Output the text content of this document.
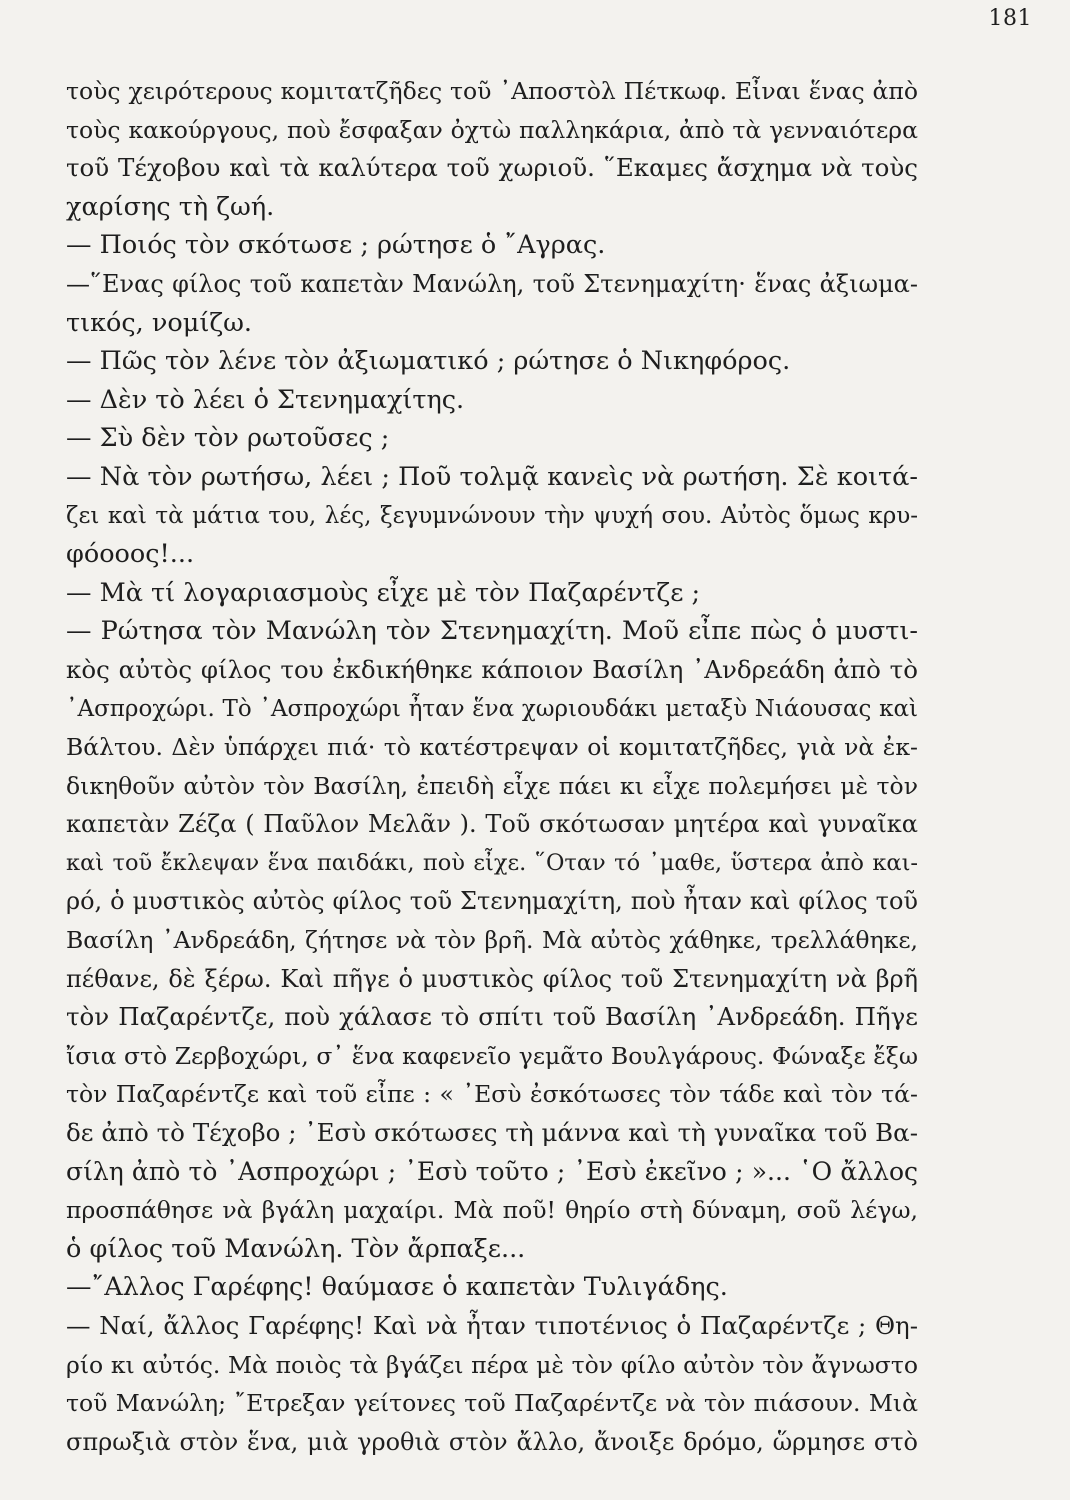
181
τοὺς χειρότερους κομιτατζῆδες τοῦ ᾽Αποστὸλ Πέτκωφ. Εἶναι ἕνας ἀπὸ
τοὺς κακούργους, ποὺ ἔσφαξαν ὀχτὼ παλληκάρια, ἀπὸ τὰ γενναιότερα
τοῦ Τέχοβου καὶ τὰ καλύτερα τοῦ χωριοῦ. ῞Εκαμες ἄσχημα νὰ τοὺς
χαρίσης τὴ ζωή.
— Ποιός τὸν σκότωσε ; ρώτησε ὁ ῎Αγρας.
—῞Ενας φίλος τοῦ καπετὰν Μανώλη, τοῦ Στενημαχίτη· ἕνας ἀξιωμα-
τικός, νομίζω.
— Πῶς τὸν λένε τὸν ἀξιωματικό ; ρώτησε ὁ Νικηφόρος.
— Δὲν τὸ λέει ὁ Στενημαχίτης.
— Σὺ δὲν τὸν ρωτοῦσες ;
— Νὰ τὸν ρωτήσω, λέει ; Ποῦ τολμᾷ κανεὶς νὰ ρωτήση. Σὲ κοιτά-
ζει καὶ τὰ μάτια του, λές, ξεγυμνώνουν τὴν ψυχή σου. Αὐτὸς ὅμως κρυ-
φόοοος!...
— Μὰ τί λογαριασμοὺς εἶχε μὲ τὸν Παζαρέντζε ;
— Ρώτησα τὸν Μανώλη τὸν Στενημαχίτη. Μοῦ εἶπε πὼς ὁ μυστι-
κὸς αὐτὸς φίλος του ἐκδικήθηκε κάποιον Βασίλη ᾽Ανδρεάδη ἀπὸ τὸ
᾽Ασπροχώρι. Τὸ ᾽Ασπροχώρι ἦταν ἕνα χωριουδάκι μεταξὺ Νιάουσας καὶ
Βάλτου. Δὲν ὑπάρχει πιά· τὸ κατέστρεψαν οἱ κομιτατζῆδες, γιὰ νὰ ἐκ-
δικηθοῦν αὐτὸν τὸν Βασίλη, ἐπειδὴ εἶχε πάει κι εἶχε πολεμήσει μὲ τὸν
καπετὰν Ζέζα ( Παῦλον Μελᾶν ). Τοῦ σκότωσαν μητέρα καὶ γυναῖκα
καὶ τοῦ ἔκλεψαν ἕνα παιδάκι, ποὺ εἶχε. ῞Οταν τό ᾽μαθε, ὕστερα ἀπὸ και-
ρό, ὁ μυστικὸς αὐτὸς φίλος τοῦ Στενημαχίτη, ποὺ ἦταν καὶ φίλος τοῦ
Βασίλη ᾽Ανδρεάδη, ζήτησε νὰ τὸν βρῆ. Μὰ αὐτὸς χάθηκε, τρελλάθηκε,
πέθανε, δὲ ξέρω. Καὶ πῆγε ὁ μυστικὸς φίλος τοῦ Στενημαχίτη νὰ βρῆ
τὸν Παζαρέντζε, ποὺ χάλασε τὸ σπίτι τοῦ Βασίλη ᾽Ανδρεάδη. Πῆγε
ἴσια στὸ Ζερβοχώρι, σ᾽ ἕνα καφενεῖο γεμᾶτο Βουλγάρους. Φώναξε ἔξω
τὸν Παζαρέντζε καὶ τοῦ εἶπε : « ᾽Εσὺ ἐσκότωσες τὸν τάδε καὶ τὸν τά-
δε ἀπὸ τὸ Τέχοβο ; ᾽Εσὺ σκότωσες τὴ μάννα καὶ τὴ γυναῖκα τοῦ Βα-
σίλη ἀπὸ τὸ ᾽Ασπροχώρι ; ᾽Εσὺ τοῦτο ; ᾽Εσὺ ἐκεῖνο ; »... ῾Ο ἄλλος
προσπάθησε νὰ βγάλη μαχαίρι. Μὰ ποῦ! θηρίο στὴ δύναμη, σοῦ λέγω,
ὁ φίλος τοῦ Μανώλη. Τὸν ἄρπαξε...
—῎Αλλος Γαρέφης! θαύμασε ὁ καπετὰν Τυλιγάδης.
— Ναί, ἄλλος Γαρέφης! Καὶ νὰ ἦταν τιποτένιος ὁ Παζαρέντζε ; Θη-
ρίο κι αὐτός. Μὰ ποιὸς τὰ βγάζει πέρα μὲ τὸν φίλο αὐτὸν τὸν ἄγνωστο
τοῦ Μανώλη; ῎Ετρεξαν γείτονες τοῦ Παζαρέντζε νὰ τὸν πιάσουν. Μιὰ
σπρωξιὰ στὸν ἕνα, μιὰ γροθιὰ στὸν ἄλλο, ἄνοιξε δρόμο, ὥρμησε στὸ
